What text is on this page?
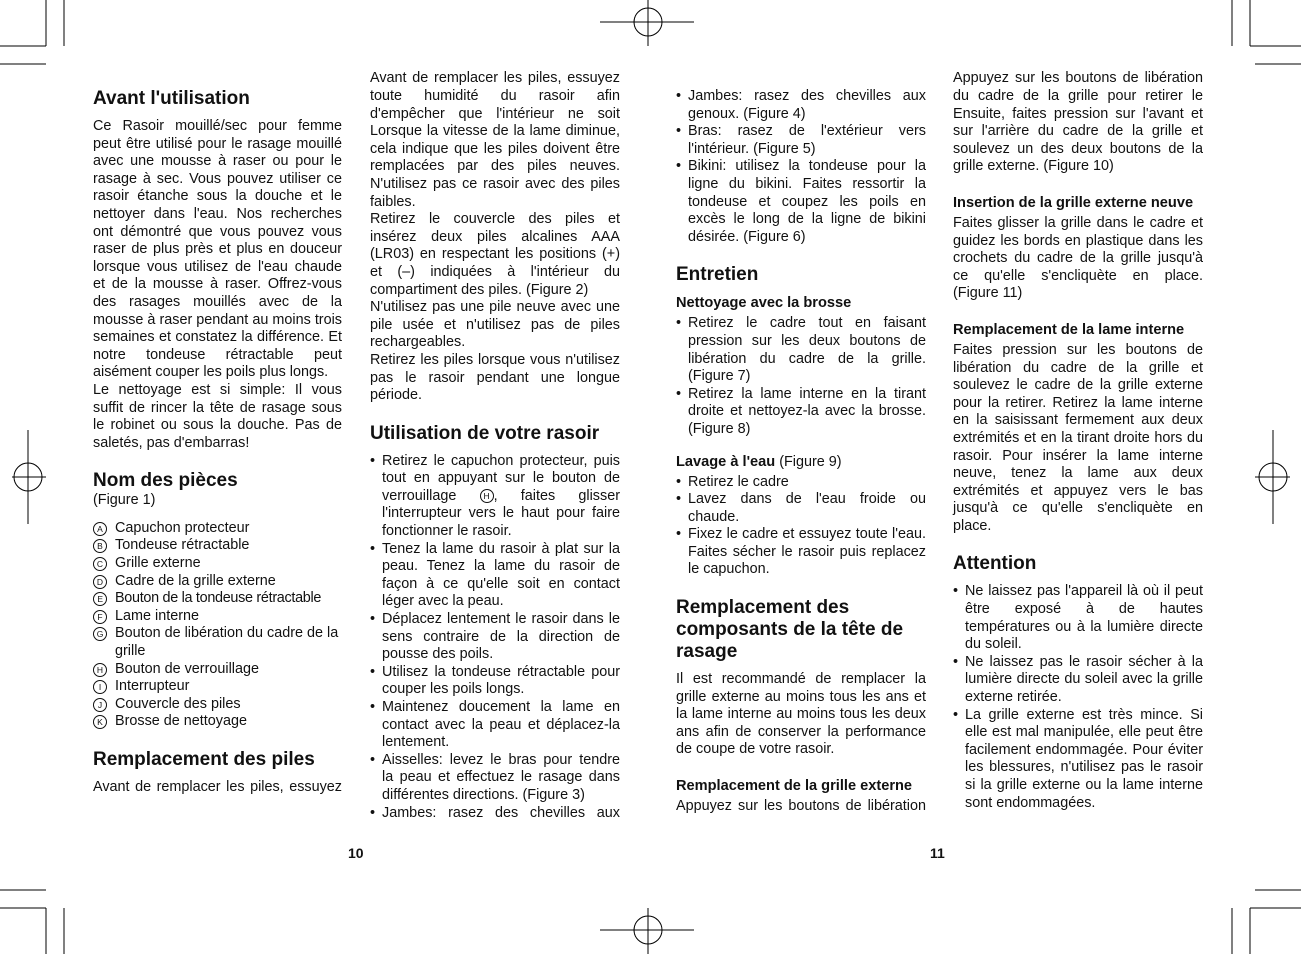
Avant l'utilisation

Ce Rasoir mouillé/sec pour femme peut être utilisé pour le rasage mouillé avec une mousse à raser ou pour le rasage à sec. Vous pouvez utiliser ce rasoir étanche sous la douche et le nettoyer dans l'eau. Nos recherches ont démontré que vous pouvez vous raser de plus près et plus en douceur lorsque vous utilisez de l'eau chaude et de la mousse à raser. Offrez-vous des rasages mouillés avec de la mousse à raser pendant au moins trois semaines et constatez la différence. Et notre tondeuse rétractable peut aisément couper les poils plus longs.

Le nettoyage est si simple: Il vous suffit de rincer la tête de rasage sous le robinet ou sous la douche. Pas de saletés, pas d'embarras!

Nom des pièces

(Figure 1)

A Capuchon protecteur
B Tondeuse rétractable
C Grille externe
D Cadre de la grille externe
E Bouton de la tondeuse rétractable
F Lame interne
G Bouton de libération du cadre de la grille
H Bouton de verrouillage
I Interrupteur
J Couvercle des piles
K Brosse de nettoyage
Remplacement des piles

Avant de remplacer les piles, essuyez

Avant de remplacer les piles, essuyez toute humidité du rasoir afin d'empêcher que l'intérieur ne soit

Lorsque la vitesse de la lame diminue, cela indique que les piles doivent être remplacées par des piles neuves. N'utilisez pas ce rasoir avec des piles faibles.

Retirez le couvercle des piles et insérez deux piles alcalines AAA (LR03) en respectant les positions (+) et (–) indiquées à l'intérieur du compartiment des piles. (Figure 2)

N'utilisez pas une pile neuve avec une pile usée et n'utilisez pas de piles rechargeables.

Retirez les piles lorsque vous n'utilisez pas le rasoir pendant une longue période.

Utilisation de votre rasoir
• Retirez le capuchon protecteur, puis tout en appuyant sur le bouton de verrouillage	H , faites glisser l'interrupteur vers le haut pour faire fonctionner le rasoir.
• Tenez la lame du rasoir à plat sur la peau. Tenez la lame du rasoir de façon à ce qu'elle soit en contact léger avec la peau.
• Déplacez lentement le rasoir dans le sens contraire de la direction de pousse des poils.
• Utilisez la tondeuse rétractable pour couper les poils longs.
• Maintenez doucement la lame en contact avec la peau et déplacez-la lentement.
• Aisselles: levez le bras pour tendre la peau et effectuez le rasage dans différentes directions. (Figure 3)
• Jambes: rasez des chevilles aux
• Jambes: rasez des chevilles aux genoux. (Figure 4)
• Bras: rasez de l'extérieur vers l'intérieur. (Figure 5)
• Bikini: utilisez la tondeuse pour la ligne du bikini. Faites ressortir la tondeuse et coupez les poils en excès le long de la ligne de bikini désirée. (Figure 6)
Entretien
Nettoyage avec la brosse
• Retirez le cadre tout en faisant pression sur les deux boutons de libération du cadre de la grille. (Figure 7)
• Retirez la lame interne en la tirant droite et nettoyez-la avec la brosse. (Figure 8)
Lavage à l'eau (Figure 9)
• Retirez le cadre
• Lavez dans de l'eau froide ou chaude.
• Fixez le cadre et essuyez toute l'eau. Faites sécher le rasoir puis replacez le capuchon.
Remplacement des composants de la tête de rasage

Il est recommandé de remplacer la grille externe au moins tous les ans et la lame interne au moins tous les deux ans afin de conserver la performance de coupe de votre rasoir.

Remplacement de la grille externe

Appuyez sur les boutons de libération

Appuyez sur les boutons de libération du cadre de la grille pour retirer le

Ensuite, faites pression sur l'avant et sur l'arrière du cadre de la grille et soulevez un des deux boutons de la grille externe. (Figure 10)

Insertion de la grille externe neuve

Faites glisser la grille dans le cadre et guidez les bords en plastique dans les crochets du cadre de la grille jusqu'à ce qu'elle s'encliquète en place. (Figure 11)

Remplacement de la lame interne

Faites pression sur les boutons de libération du cadre de la grille et soulevez le cadre de la grille externe pour la retirer. Retirez la lame interne en la saisissant fermement aux deux extrémités et en la tirant droite hors du rasoir. Pour insérer la lame interne neuve, tenez la lame aux deux extrémités et appuyez vers le bas jusqu'à ce qu'elle s'encliquète en place.

Attention
• Ne laissez pas l'appareil là où il peut être exposé à de hautes températures ou à la lumière directe du soleil.
• Ne laissez pas le rasoir sécher à la lumière directe du soleil avec la grille externe retirée.
• La grille externe est très mince. Si elle est mal manipulée, elle peut être facilement endommagée. Pour éviter les blessures, n'utilisez pas le rasoir si la grille externe ou la lame interne sont endommagées.
10	11
